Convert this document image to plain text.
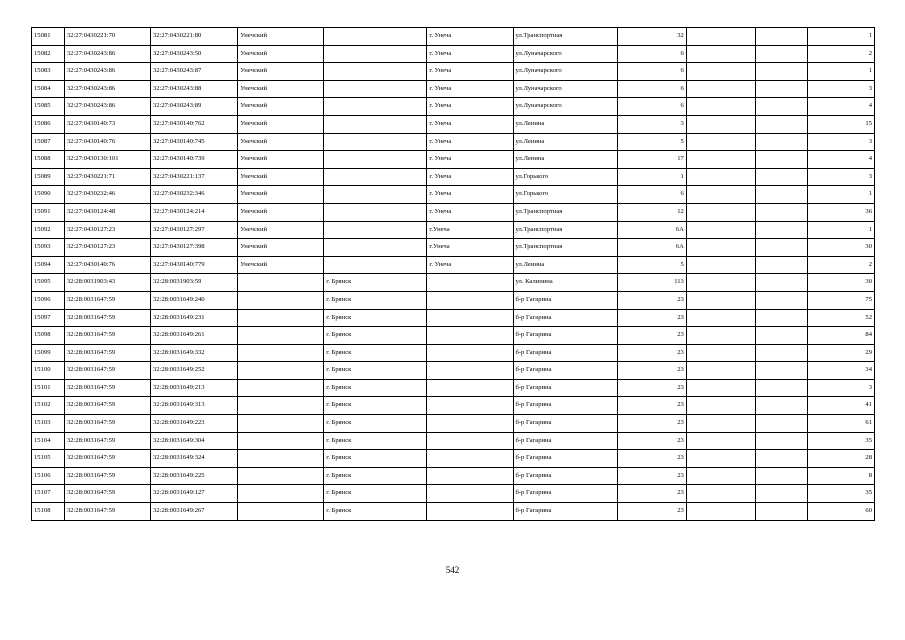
15081	32:27:0430221:70	32:27:0430221:80	Унечский		г. Унеча	ул.Транспортная	32			1
15082	32:27:0430243:86	32:27:0430243:50	Унечский		г. Унеча	ул.Луначарского	6			2
15083	32:27:0430243:86	32:27:0430243:87	Унечский		г. Унеча	ул.Луначарского	6			1
15084	32:27:0430243:86	32:27:0430243:88	Унечский		г. Унеча	ул.Луначарского	6			3
15085	32:27:0430243:86	32:27:0430243:89	Унечский		г. Унеча	ул.Луначарского	6			4
15086	32:27:0430140:73	32:27:0430140:762	Унечский		г. Унеча	ул.Ленина	3			15
15087	32:27:0430140:76	32:27:0430140:745	Унечский		г. Унеча	ул.Ленина	5			3
15088	32:27:0430130:101	32:27:0430140:739	Унечский		г. Унеча	ул.Ленина	17			4
15089	32:27:0430221:71	32:27:0430221:137	Унечский		г. Унеча	ул.Горького	1			3
15090	32:27:0430232:46	32:27:0430232:346	Унечский		г. Унеча	ул.Горького	6			1
15091	32:27:0430124:48	32:27:0430124:214	Унечский		г. Унеча	ул.Транспортная	12			36
15092	32:27:0430127:23	32:27:0430127:297	Унечский		г.Унеча	ул.Транспортная	6А			1
15093	32:27:0430127:23	32:27:0430127:398	Унечский		г.Унеча	ул.Транспортная	6А			30
15094	32:27:0430140:76	32:27:0430140:779	Унечский		г. Унеча	ул.Ленина	5			2
15095	32:28:0031903:43	32:28:0031903:59		г. Брянск		ул. Калинина	113			30
15096	32:28:0031647:59	32:28:0031649:240		г. Брянск		б-р Гагарина	23			75
15097	32:28:0031647:59	32:28:0031649:231		г. Брянск		б-р Гагарина	23			52
15098	32:28:0031647:59	32:28:0031649:261		г. Брянск		б-р Гагарина	23			84
15099	32:28:0031647:59	32:28:0031649:332		г. Брянск		б-р Гагарина	23			29
15100	32:28:0031647:59	32:28:0031649:252		г. Брянск		б-р Гагарина	23			34
15101	32:28:0031647:59	32:28:0031649:213		г. Брянск		б-р Гагарина	23			3
15102	32:28:0031647:59	32:28:0031649:313		г. Брянск		б-р Гагарина	23			41
15103	32:28:0031647:59	32:28:0031649:223		г. Брянск		б-р Гагарина	23			61
15104	32:28:0031647:59	32:28:0031649:304		г. Брянск		б-р Гагарина	23			35
15105	32:28:0031647:59	32:28:0031649:324		г. Брянск		б-р Гагарина	23			28
15106	32:28:0031647:59	32:28:0031649:225		г. Брянск		б-р Гагарина	23			8
15107	32:28:0031647:59	32:28:0031649:127		г. Брянск		б-р Гагарина	23			35
15108	32:28:0031647:59	32:28:0031649:267		г. Брянск		б-р Гагарина	23			60
542
